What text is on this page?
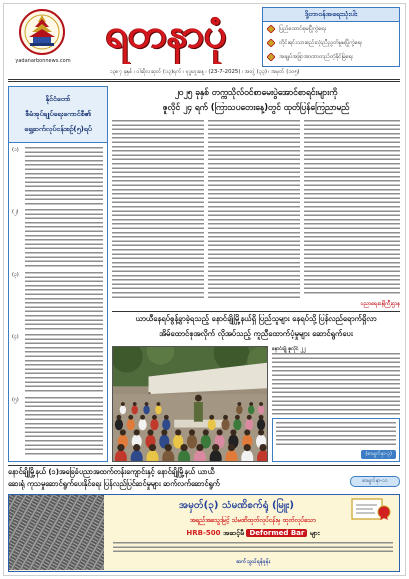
yadanarbonnews.com
ရတနာပုံ	ဒို့တာဝန်အရေးသုံးပါး
ပြည်ထောင်စုမပြိုကွဲရေး
တိုင်းရင်းသားစည်းလုံးညီညွတ်မှုမပြိုကွဲရေး
အချုပ်အခြာအာဏာတည်တံ့ခိုင်မြဲရေး
၁၃၈၇ ခုနှစ် ၊ ဝါဆိုလဆုတ် (၁၃)ရက် ၊ ဗုဒ္ဓဟူးနေ့ ၊ (23-7-2025) ၊ အတွဲ (၃၃) ၊ အမှတ် (၁၀၅)
နိုင်ငံတော်
စီမံအုပ်ချုပ်ရေးကောင်စီ၏
ရှေ့ဆက်လုပ်ငန်းစဉ်(၅)ရပ်
(၁)
(၂)
(၃)
(၄)
(၅)
၂၀၂၅ ခုနှစ် တက္ကသိုလ်ဝင်စာမေးပွဲအောင်စာရင်းများကို
ဇူလိုင် ၂၄ ရက် (ကြာသပတေးနေ့)တွင် ထုတ်ပြန်ကြေညာမည်
ပညာရေးဝန်ကြီးဌာန
ယာယီနေရပ်စွန့်ခွာခဲ့ရသည့် နောင်ချိုမြို့နယ်ရှိ ပြည်သူများ နေရပ်သို့ ပြန်လည်ရောက်ရှိလာ
အိမ်ထောင်စုအလိုက် လိုအပ်သည့် ကူညီထောက်ပံ့မှုများ ဆောင်ရွက်ပေး
နောင်ချို ဇူလိုင် ၂၂
(စာမျက်နှာ-၃)
နောင်ချိုမြို့နယ် (၁)အခြေခံပညာအထက်တန်းကျောင်းနှင့် နောင်ချိုမြို့နယ် ယာယီ
ဆေးရုံ ကုသမှုဆောင်ရွက်ပေးနိုင်ရေး ပြန်လည်ပြင်ဆင်မှုများ ဆက်လက်ဆောင်ရွက်	စာမျက်နှာ-၁၁
အမှတ်(၃) သံမဏိစက်ရုံ (မြူး)
အရည်အသွေးမြင့် သံမဏိထုတ်လုပ်ငန်းမှ ထုတ်လုပ်သော
HRB-500 အဆင့်မီ Deformed Bar များ
ဆက်သွယ်ရန်ဖုန်း
